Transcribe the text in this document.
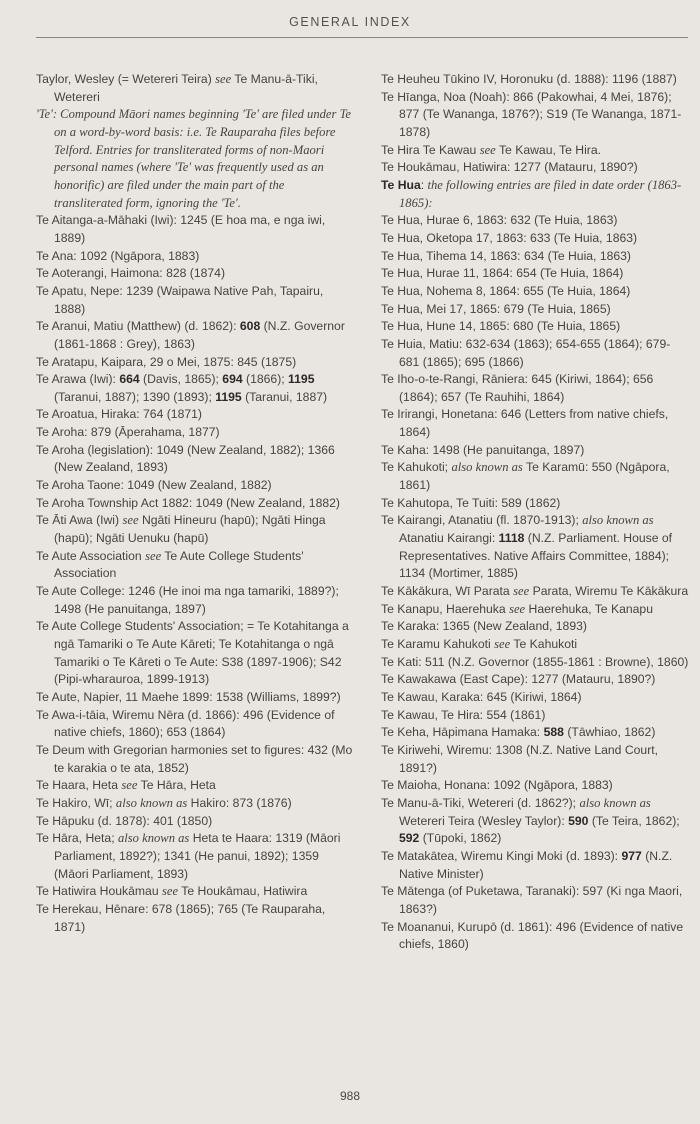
GENERAL INDEX

Taylor, Wesley (= Wetereri Teira) see Te Manu-ā-Tiki, Wetereri

'Te': Compound Māori names beginning 'Te' are filed under Te on a word-by-word basis: i.e. Te Rauparaha files before Telford. Entries for transliterated forms of non-Maori personal names (where 'Te' was frequently used as an honorific) are filed under the main part of the transliterated form, ignoring the 'Te'.

Te Aitanga-a-Māhaki (Iwi): 1245 (E hoa ma, e nga iwi, 1889)

Te Ana: 1092 (Ngāpora, 1883)

Te Aoterangi, Haimona: 828 (1874)

Te Apatu, Nepe: 1239 (Waipawa Native Pah, Tapairu, 1888)

Te Aranui, Matiu (Matthew) (d. 1862): 608 (N.Z. Governor (1861-1868 : Grey), 1863)

Te Aratapu, Kaipara, 29 o Mei, 1875: 845 (1875)

Te Arawa (Iwi): 664 (Davis, 1865); 694 (1866); 1195 (Taranui, 1887); 1390 (1893); 1195 (Taranui, 1887)

Te Aroatua, Hiraka: 764 (1871)

Te Aroha: 879 (Āperahama, 1877)

Te Aroha (legislation): 1049 (New Zealand, 1882); 1366 (New Zealand, 1893)

Te Aroha Taone: 1049 (New Zealand, 1882)

Te Aroha Township Act 1882: 1049 (New Zealand, 1882)

Te Āti Awa (Iwi) see Ngāti Hineuru (hapū); Ngāti Hinga (hapū); Ngāti Uenuku (hapū)

Te Aute Association see Te Aute College Students' Association

Te Aute College: 1246 (He inoi ma nga tamariki, 1889?); 1498 (He panuitanga, 1897)

Te Aute College Students' Association; = Te Kotahitanga a ngā Tamariki o Te Aute Kāreti; Te Kotahitanga o ngā Tamariki o Te Kāreti o Te Aute: S38 (1897-1906); S42 (Pipi-wharauroa, 1899-1913)

Te Aute, Napier, 11 Maehe 1899: 1538 (Williams, 1899?)

Te Awa-i-tāia, Wiremu Nēra (d. 1866): 496 (Evidence of native chiefs, 1860); 653 (1864)

Te Deum with Gregorian harmonies set to figures: 432 (Mo te karakia o te ata, 1852)

Te Haara, Heta see Te Hāra, Heta

Te Hakiro, Wī; also known as Hakiro: 873 (1876)

Te Hāpuku (d. 1878): 401 (1850)

Te Hāra, Heta; also known as Heta te Haara: 1319 (Māori Parliament, 1892?); 1341 (He panui, 1892); 1359 (Māori Parliament, 1893)

Te Hatiwira Houkāmau see Te Houkāmau, Hatiwira

Te Herekau, Hēnare: 678 (1865); 765 (Te Rauparaha, 1871)

Te Heuheu Tūkino IV, Horonuku (d. 1888): 1196 (1887)

Te Hīanga, Noa (Noah): 866 (Pakowhai, 4 Mei, 1876); 877 (Te Wananga, 1876?); S19 (Te Wananga, 1871-1878)

Te Hira Te Kawau see Te Kawau, Te Hira.

Te Houkāmau, Hatiwira: 1277 (Matauru, 1890?)

Te Hua: the following entries are filed in date order (1863-1865):

Te Hua, Hurae 6, 1863: 632 (Te Huia, 1863)

Te Hua, Oketopa 17, 1863: 633 (Te Huia, 1863)

Te Hua, Tihema 14, 1863: 634 (Te Huia, 1863)

Te Hua, Hurae 11, 1864: 654 (Te Huia, 1864)

Te Hua, Nohema 8, 1864: 655 (Te Huia, 1864)

Te Hua, Mei 17, 1865: 679 (Te Huia, 1865)

Te Hua, Hune 14, 1865: 680 (Te Huia, 1865)

Te Huia, Matiu: 632-634 (1863); 654-655 (1864); 679-681 (1865); 695 (1866)

Te Iho-o-te-Rangi, Rāniera: 645 (Kiriwi, 1864); 656 (1864); 657 (Te Rauhihi, 1864)

Te Irirangi, Honetana: 646 (Letters from native chiefs, 1864)

Te Kaha: 1498 (He panuitanga, 1897)

Te Kahukoti; also known as Te Karamū: 550 (Ngāpora, 1861)

Te Kahutopa, Te Tuiti: 589 (1862)

Te Kairangi, Atanatiu (fl. 1870-1913); also known as Atanatiu Kairangi: 1118 (N.Z. Parliament. House of Representatives. Native Affairs Committee, 1884); 1134 (Mortimer, 1885)

Te Kākākura, Wī Parata see Parata, Wiremu Te Kākākura

Te Kanapu, Haerehuka see Haerehuka, Te Kanapu

Te Karaka: 1365 (New Zealand, 1893)

Te Karamu Kahukoti see Te Kahukoti

Te Kati: 511 (N.Z. Governor (1855-1861 : Browne), 1860)

Te Kawakawa (East Cape): 1277 (Matauru, 1890?)

Te Kawau, Karaka: 645 (Kiriwi, 1864)

Te Kawau, Te Hira: 554 (1861)

Te Keha, Hāpimana Hamaka: 588 (Tāwhiao, 1862)

Te Kiriwehi, Wiremu: 1308 (N.Z. Native Land Court, 1891?)

Te Maioha, Honana: 1092 (Ngāpora, 1883)

Te Manu-ā-Tiki, Wetereri (d. 1862?); also known as Wetereri Teira (Wesley Taylor): 590 (Te Teira, 1862); 592 (Tūpoki, 1862)

Te Matakātea, Wiremu Kingi Moki (d. 1893): 977 (N.Z. Native Minister)

Te Mātenga (of Puketawa, Taranaki): 597 (Ki nga Maori, 1863?)

Te Moananui, Kurupō (d. 1861): 496 (Evidence of native chiefs, 1860)

988
